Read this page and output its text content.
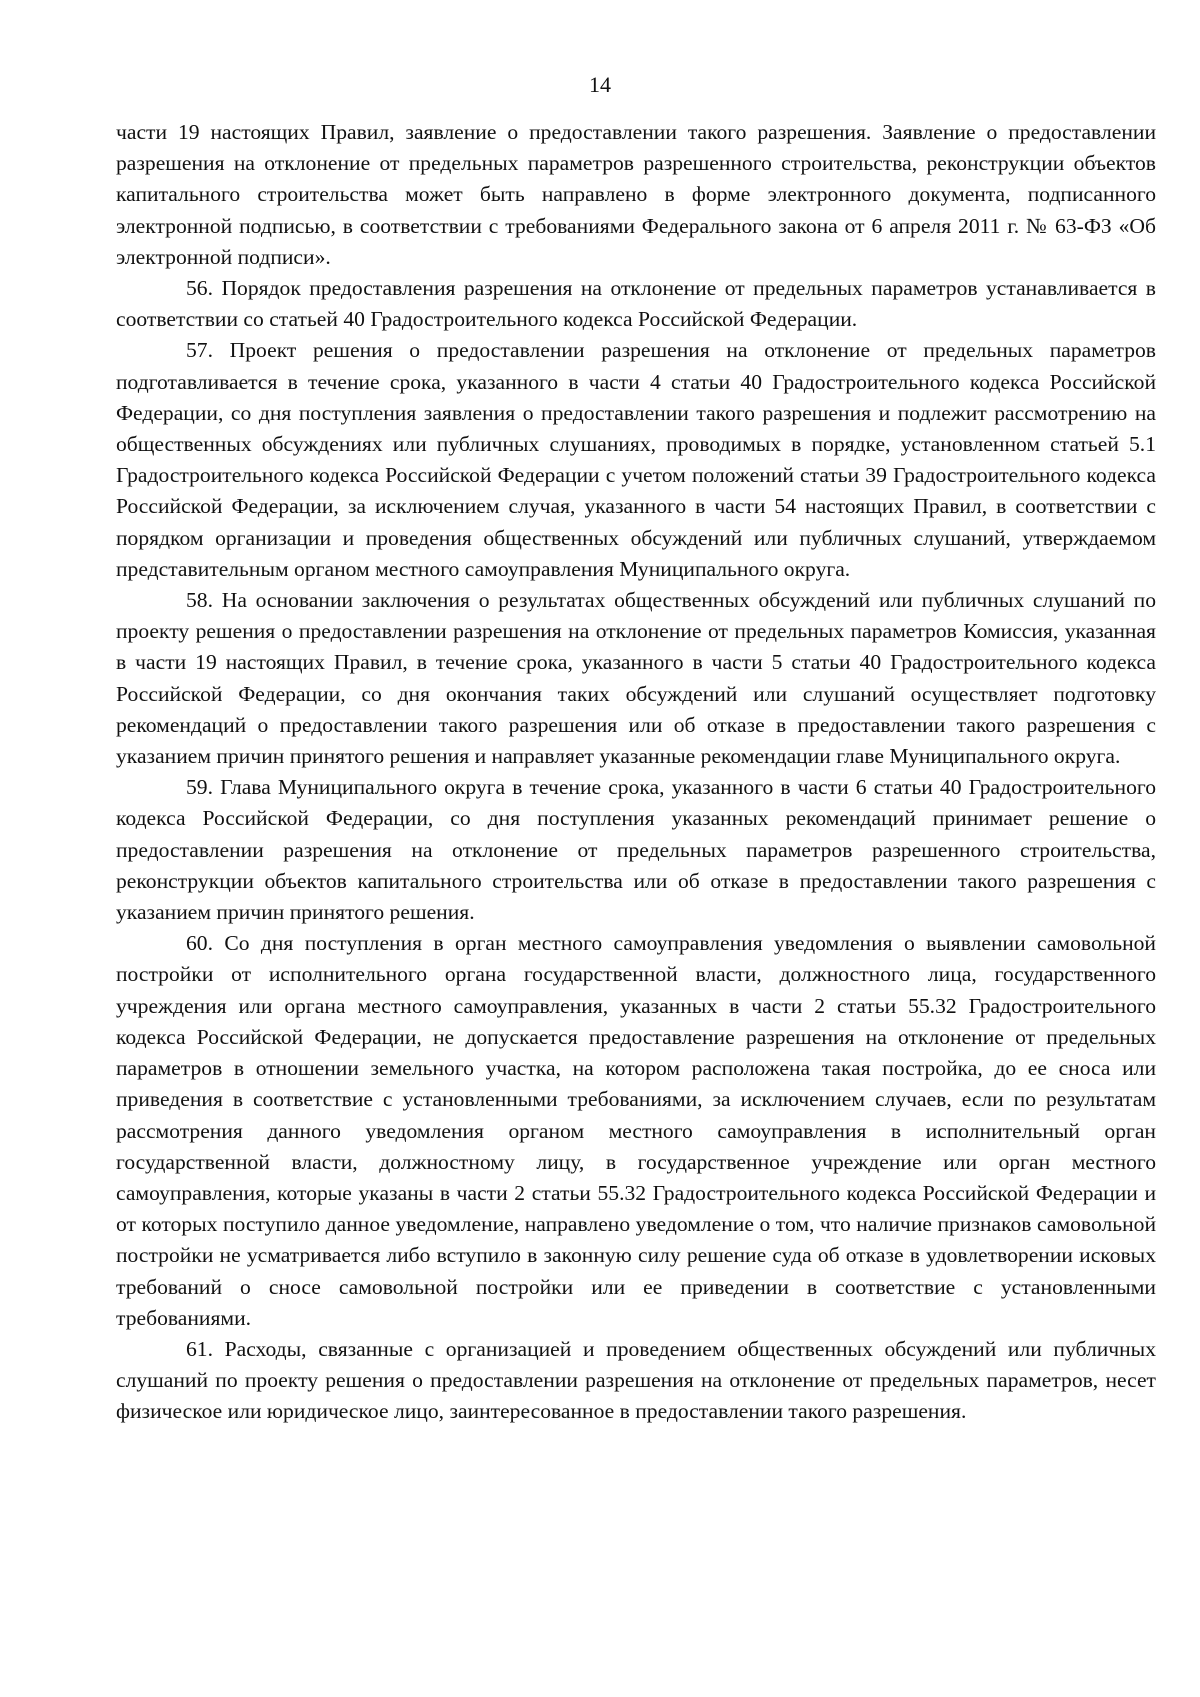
14

части 19 настоящих Правил, заявление о предоставлении такого разрешения. Заявление о предоставлении разрешения на отклонение от предельных параметров разрешенного строительства, реконструкции объектов капитального строительства может быть направлено в форме электронного документа, подписанного электронной подписью, в соответствии с требованиями Федерального закона от 6 апреля 2011 г. № 63-ФЗ «Об электронной подписи».

56. Порядок предоставления разрешения на отклонение от предельных параметров устанавливается в соответствии со статьей 40 Градостроительного кодекса Российской Федерации.

57. Проект решения о предоставлении разрешения на отклонение от предельных параметров подготавливается в течение срока, указанного в части 4 статьи 40 Градостроительного кодекса Российской Федерации, со дня поступления заявления о предоставлении такого разрешения и подлежит рассмотрению на общественных обсуждениях или публичных слушаниях, проводимых в порядке, установленном статьей 5.1 Градостроительного кодекса Российской Федерации с учетом положений статьи 39 Градостроительного кодекса Российской Федерации, за исключением случая, указанного в части 54 настоящих Правил, в соответствии с порядком организации и проведения общественных обсуждений или публичных слушаний, утверждаемом представительным органом местного самоуправления Муниципального округа.

58. На основании заключения о результатах общественных обсуждений или публичных слушаний по проекту решения о предоставлении разрешения на отклонение от предельных параметров Комиссия, указанная в части 19 настоящих Правил, в течение срока, указанного в части 5 статьи 40 Градостроительного кодекса Российской Федерации, со дня окончания таких обсуждений или слушаний осуществляет подготовку рекомендаций о предоставлении такого разрешения или об отказе в предоставлении такого разрешения с указанием причин принятого решения и направляет указанные рекомендации главе Муниципального округа.

59. Глава Муниципального округа в течение срока, указанного в части 6 статьи 40 Градостроительного кодекса Российской Федерации, со дня поступления указанных рекомендаций принимает решение о предоставлении разрешения на отклонение от предельных параметров разрешенного строительства, реконструкции объектов капитального строительства или об отказе в предоставлении такого разрешения с указанием причин принятого решения.

60. Со дня поступления в орган местного самоуправления уведомления о выявлении самовольной постройки от исполнительного органа государственной власти, должностного лица, государственного учреждения или органа местного самоуправления, указанных в части 2 статьи 55.32 Градостроительного кодекса Российской Федерации, не допускается предоставление разрешения на отклонение от предельных параметров в отношении земельного участка, на котором расположена такая постройка, до ее сноса или приведения в соответствие с установленными требованиями, за исключением случаев, если по результатам рассмотрения данного уведомления органом местного самоуправления в исполнительный орган государственной власти, должностному лицу, в государственное учреждение или орган местного самоуправления, которые указаны в части 2 статьи 55.32 Градостроительного кодекса Российской Федерации и от которых поступило данное уведомление, направлено уведомление о том, что наличие признаков самовольной постройки не усматривается либо вступило в законную силу решение суда об отказе в удовлетворении исковых требований о сносе самовольной постройки или ее приведении в соответствие с установленными требованиями.

61. Расходы, связанные с организацией и проведением общественных обсуждений или публичных слушаний по проекту решения о предоставлении разрешения на отклонение от предельных параметров, несет физическое или юридическое лицо, заинтересованное в предоставлении такого разрешения.
